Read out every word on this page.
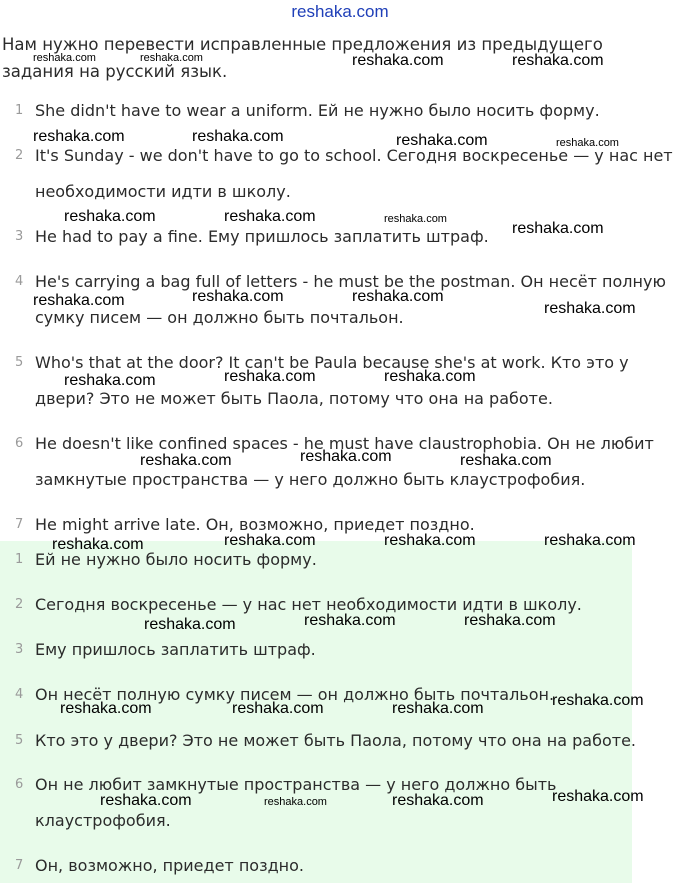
reshaka.com
Нам нужно перевести исправленные предложения из предыдущего задания на русский язык.
1 She didn't have to wear a uniform. Ей не нужно было носить форму.
2 It's Sunday - we don't have to go to school. Сегодня воскресенье — у нас нет необходимости идти в школу.
3 He had to pay a fine. Ему пришлось заплатить штраф.
4 He's carrying a bag full of letters - he must be the postman. Он несёт полную сумку писем — он должно быть почтальон.
5 Who's that at the door? It can't be Paula because she's at work. Кто это у двери? Это не может быть Паола, потому что она на работе.
6 He doesn't like confined spaces - he must have claustrophobia. Он не любит замкнутые пространства — у него должно быть клаустрофобия.
7 He might arrive late. Он, возможно, приедет поздно.
1 Ей не нужно было носить форму.
2 Сегодня воскресенье — у нас нет необходимости идти в школу.
3 Ему пришлось заплатить штраф.
4 Он несёт полную сумку писем — он должно быть почтальон.
5 Кто это у двери? Это не может быть Паола, потому что она на работе.
6 Он не любит замкнутые пространства — у него должно быть клаустрофобия.
7 Он, возможно, приедет поздно.
reshaka.com	reshaka.com	reshaka.com	reshaka.com
reshaka.com	reshaka.com	reshaka.com	reshaka.com
reshaka.com	reshaka.com	reshaka.com
reshaka.com
reshaka.com	reshaka.com	reshaka.com
reshaka.com
reshaka.com	reshaka.com	reshaka.com
reshaka.com	reshaka.com	reshaka.com
reshaka.com	reshaka.com	reshaka.com	reshaka.com
reshaka.com	reshaka.com	reshaka.com
reshaka.com
reshaka.com	reshaka.com	reshaka.com
reshaka.com
reshaka.com	reshaka.com	reshaka.com
